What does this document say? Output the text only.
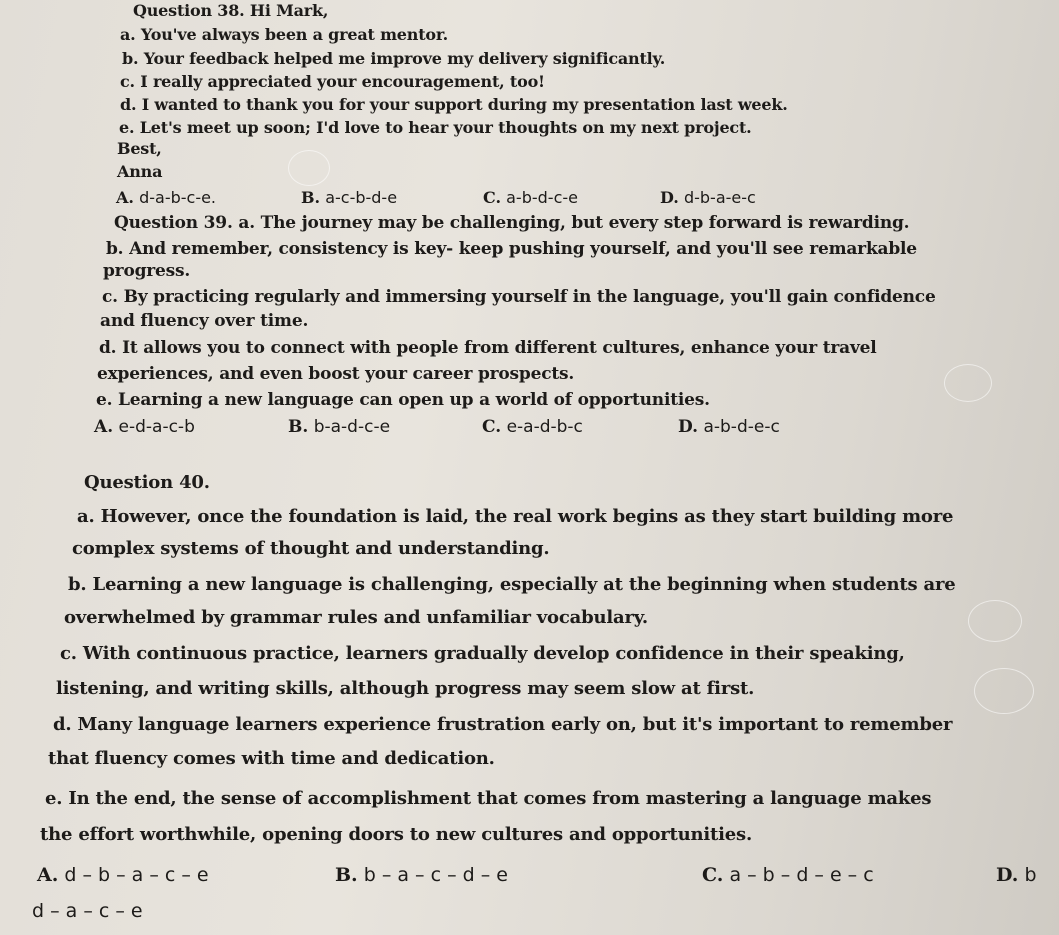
Question 38. Hi Mark,
a. You've always been a great mentor.
b. Your feedback helped me improve my delivery significantly.
c. I really appreciated your encouragement, too!
d. I wanted to thank you for your support during my presentation last week.
e. Let's meet up soon; I'd love to hear your thoughts on my next project.
Best,
Anna
A. d-a-b-c-e.	B. a-c-b-d-e	C. a-b-d-c-e	D. d-b-a-e-c
Question 39. a. The journey may be challenging, but every step forward is rewarding.
b. And remember, consistency is key- keep pushing yourself, and you'll see remarkable
progress.
c. By practicing regularly and immersing yourself in the language, you'll gain confidence
and fluency over time.
d. It allows you to connect with people from different cultures, enhance your travel
experiences, and even boost your career prospects.
e. Learning a new language can open up a world of opportunities.
A. e-d-a-c-b	B. b-a-d-c-e	C. e-a-d-b-c	D. a-b-d-e-c
Question 40.
a. However, once the foundation is laid, the real work begins as they start building more
complex systems of thought and understanding.
b. Learning a new language is challenging, especially at the beginning when students are
overwhelmed by grammar rules and unfamiliar vocabulary.
c. With continuous practice, learners gradually develop confidence in their speaking,
listening, and writing skills, although progress may seem slow at first.
d. Many language learners experience frustration early on, but it's important to remember
that fluency comes with time and dedication.
e. In the end, the sense of accomplishment that comes from mastering a language makes
the effort worthwhile, opening doors to new cultures and opportunities.
A. d – b – a – c – e	B. b – a – c – d – e	C. a – b – d – e – c	D. b
d – a – c – e
